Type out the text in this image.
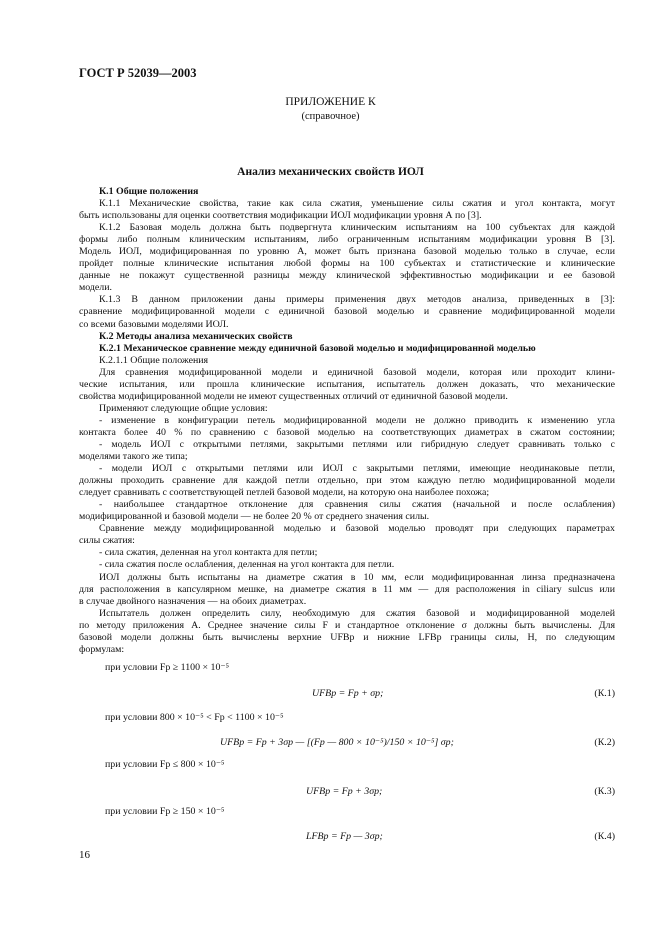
ГОСТ Р 52039—2003
ПРИЛОЖЕНИЕ К
(справочное)
Анализ механических свойств ИОЛ

К.1 Общие положения

К.1.1 Механические свойства, такие как сила сжатия, уменьшение силы сжатия и угол контакта, могут

быть использованы для оценки соответствия модификации ИОЛ модификации уровня А по [3].

К.1.2 Базовая модель должна быть подвергнута клиническим испытаниям на 100 субъектах для каждой

формы либо полным клиническим испытаниям, либо ограниченным испытаниям модификации уровня В [3].

Модель ИОЛ, модифицированная по уровню А, может быть признана базовой моделью только в случае, если

пройдет полные клинические испытания любой формы на 100 субъектах и статистические и клинические

данные не покажут существенной разницы между клинической эффективностью модификации и ее базовой

модели.

К.1.3 В данном приложении даны примеры применения двух методов анализа, приведенных в [3]:

сравнение модифицированной модели с единичной базовой моделью и сравнение модифицированной модели

со всеми базовыми моделями ИОЛ.

К.2 Методы анализа механических свойств

К.2.1 Механическое сравнение между единичной базовой моделью и модифицированной моделью

К.2.1.1 Общие положения

Для сравнения модифицированной модели и единичной базовой модели, которая или проходит клини-

ческие испытания, или прошла клинические испытания, испытатель должен доказать, что механические

свойства модифицированной модели не имеют существенных отличий от единичной базовой модели.

Применяют следующие общие условия:

- изменение в конфигурации петель модифицированной модели не должно приводить к изменению угла

контакта более 40 % по сравнению с базовой моделью на соответствующих диаметрах в сжатом состоянии;

- модель ИОЛ с открытыми петлями, закрытыми петлями или гибридную следует сравнивать только с

моделями такого же типа;

- модели ИОЛ с открытыми петлями или ИОЛ с закрытыми петлями, имеющие неодинаковые петли,

должны проходить сравнение для каждой петли отдельно, при этом каждую петлю модифицированной модели

следует сравнивать с соответствующей петлей базовой модели, на которую она наиболее похожа;

- наибольшее стандартное отклонение для сравнения силы сжатия (начальной и после ослабления)

модифицированной и базовой модели — не более 20 % от среднего значения силы.

Сравнение между модифицированной моделью и базовой моделью проводят при следующих параметрах

силы сжатия:

- сила сжатия, деленная на угол контакта для петли;

- сила сжатия после ослабления, деленная на угол контакта для петли.

ИОЛ должны быть испытаны на диаметре сжатия в 10 мм, если модифицированная линза предназначена

для расположения в капсулярном мешке, на диаметре сжатия в 11 мм — для расположения in ciliary sulcus или

в случае двойного назначения — на обоих диаметрах.

Испытатель должен определить силу, необходимую для сжатия базовой и модифицированной моделей

по методу приложения А. Среднее значение силы F и стандартное отклонение σ должны быть вычислены. Для

базовой модели должны быть вычислены верхние UFBp и нижние LFBp границы силы, Н, по следующим

формулам:

при условии Fp ≥ 1100 × 10⁻⁵
UFBp = Fp + σp;	(К.1)
при условии 800 × 10⁻⁵ < Fp < 1100 × 10⁻⁵
UFBp = Fp + 3σp — [(Fp — 800 × 10⁻⁵)/150 × 10⁻⁵] σp;	(К.2)
при условии Fp ≤ 800 × 10⁻⁵
UFBp = Fp + 3σp;	(К.3)
при условии Fp ≥ 150 × 10⁻⁵
LFBp = Fp — 3σp;	(К.4)
16
